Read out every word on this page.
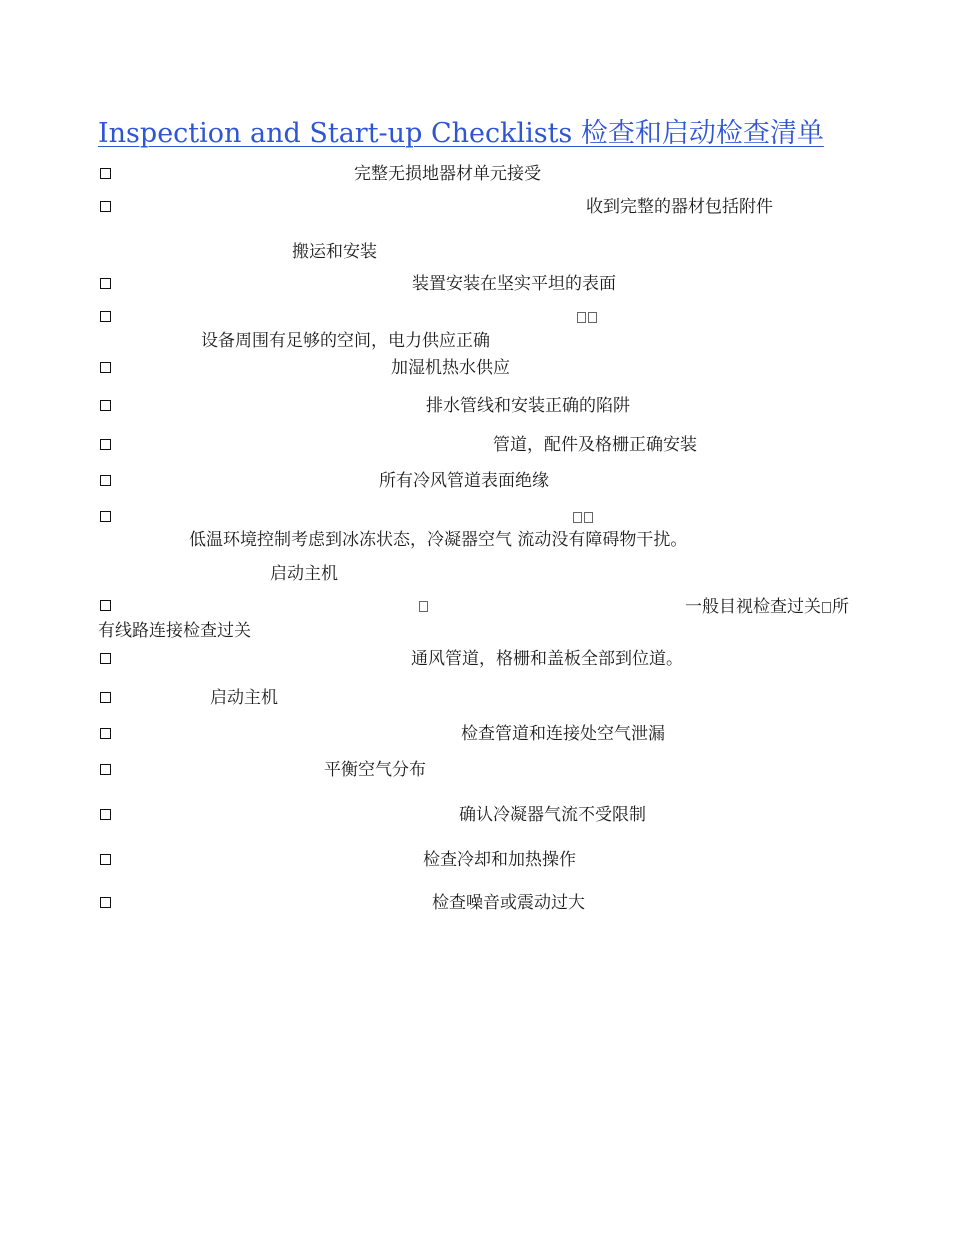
Inspection and Start-up Checklists 检查和启动检查清单
完整无损地器材单元接受
收到完整的器材包括附件
搬运和安装
装置安装在坚实平坦的表面
设备周围有足够的空间，电力供应正确
加湿机热水供应
排水管线和安装正确的陷阱
管道，配件及格栅正确安装
所有冷风管道表面绝缘
低温环境控制考虑到冰冻状态，冷凝器空气 流动没有障碍物干扰。
启动主机
一般目视检查过关 所
有线路连接检查过关
通风管道，格栅和盖板全部到位道。
启动主机
检查管道和连接处空气泄漏
平衡空气分布
确认冷凝器气流不受限制
检查冷却和加热操作
检查噪音或震动过大
